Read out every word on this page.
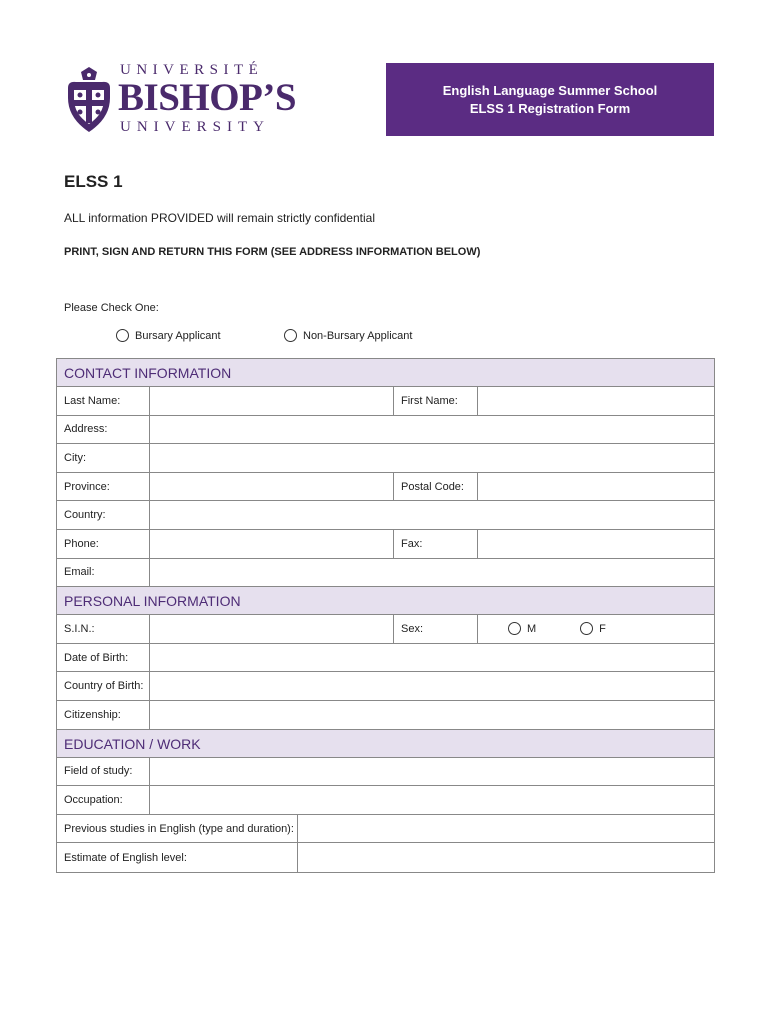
UNIVERSITÉ
BISHOP’S
UNIVERSITY
English Language Summer School
ELSS 1 Registration Form
ELSS 1
ALL information PROVIDED will remain strictly confidential
PRINT, SIGN AND RETURN THIS FORM (SEE ADDRESS INFORMATION BELOW)
Please Check One:
Bursary Applicant	Non-Bursary Applicant
CONTACT INFORMATION
Last Name:	First Name:
Address:
City:
Province:	Postal Code:
Country:
Phone:	Fax:
Email:
PERSONAL INFORMATION
S.I.N.:	Sex:	M	F
Date of Birth:
Country of Birth:
Citizenship:
EDUCATION / WORK
Field of study:
Occupation:
Previous studies in English (type and duration):
Estimate of English level:
